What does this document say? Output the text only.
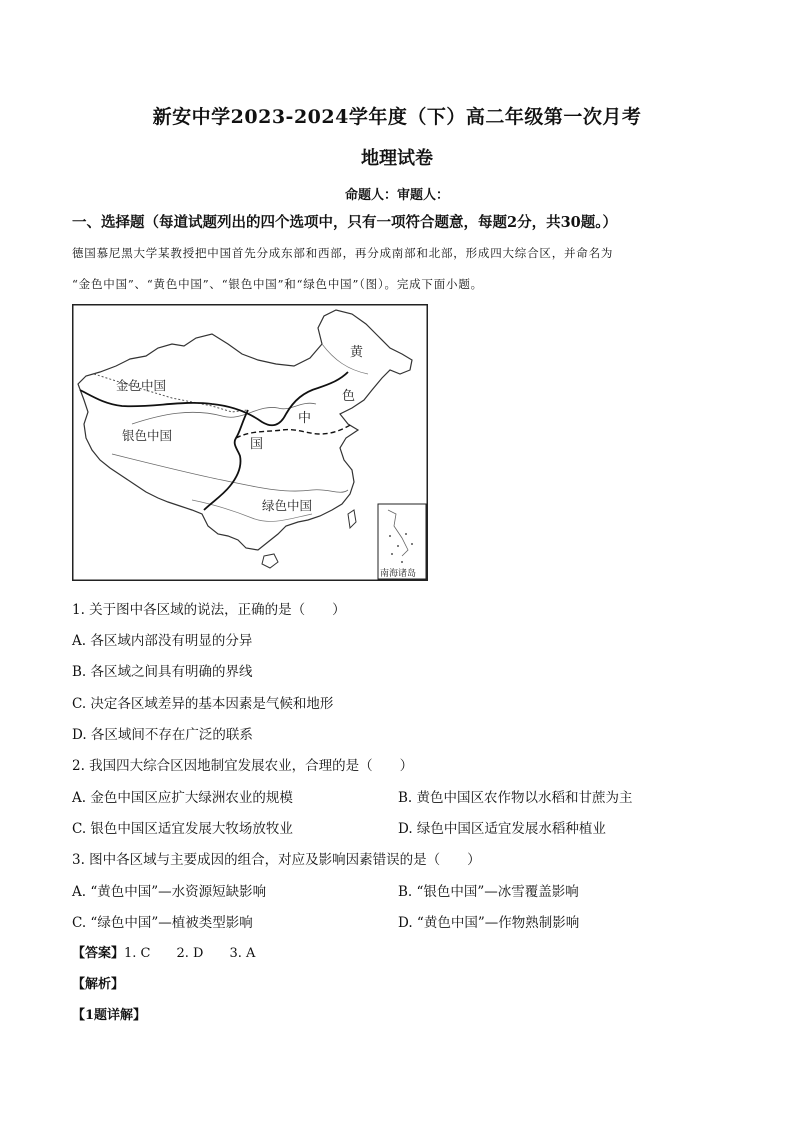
新安中学2023-2024学年度（下）高二年级第一次月考
地理试卷
命题人：审题人：
一、选择题（每道试题列出的四个选项中，只有一项符合题意，每题2分，共30题。）
德国慕尼黑大学某教授把中国首先分成东部和西部，再分成南部和北部，形成四大综合区，并命名为
“金色中国”、“黄色中国”、“银色中国”和“绿色中国”（图）。完成下面小题。
金色中国
银色中国
绿色中国
黄
色
中
国
南海诸岛
1. 关于图中各区域的说法，正确的是（　　）
A. 各区域内部没有明显的分异
B. 各区域之间具有明确的界线
C. 决定各区域差异的基本因素是气候和地形
D. 各区域间不存在广泛的联系
2. 我国四大综合区因地制宜发展农业，合理的是（　　）
A. 金色中国区应扩大绿洲农业的规模	B. 黄色中国区农作物以水稻和甘蔗为主
C. 银色中国区适宜发展大牧场放牧业	D. 绿色中国区适宜发展水稻种植业
3. 图中各区域与主要成因的组合，对应及影响因素错误的是（　　）
A. “黄色中国”—水资源短缺影响	B. “银色中国”—冰雪覆盖影响
C. “绿色中国”—植被类型影响	D. “黄色中国”—作物熟制影响
【答案】1. C　　2. D　　3. A
【解析】
【1题详解】
